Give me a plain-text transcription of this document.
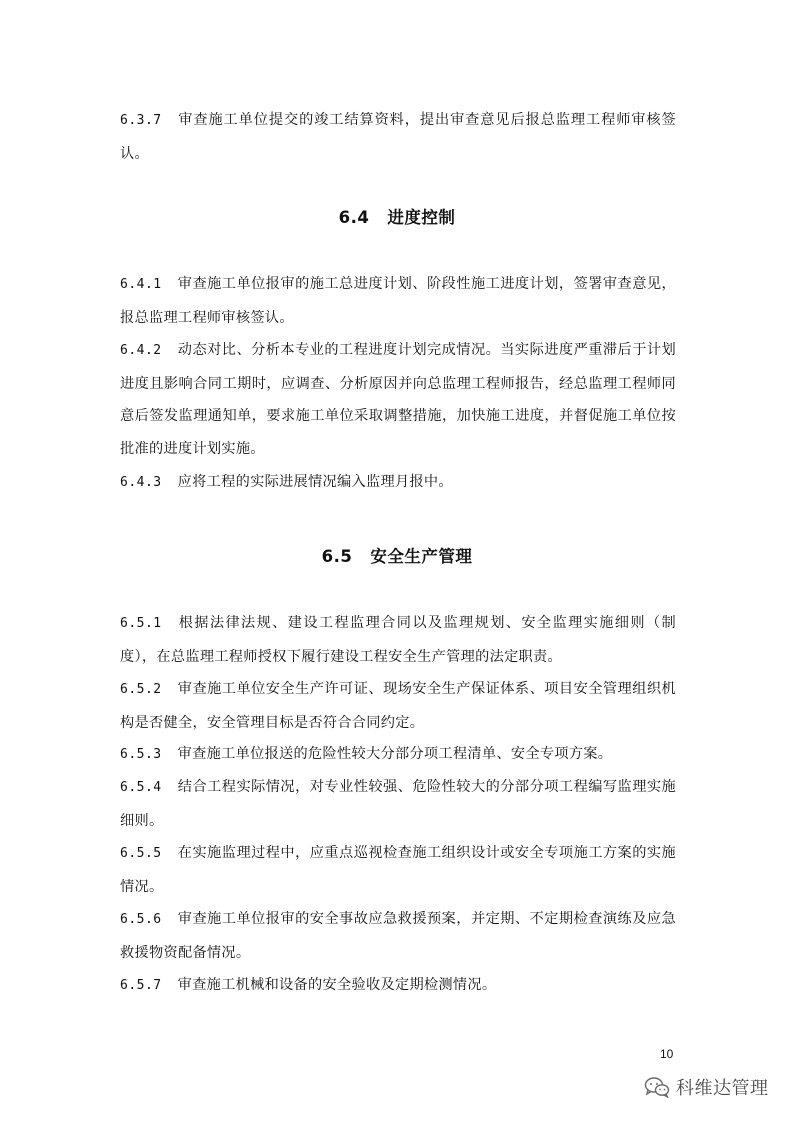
6.3.7 审查施工单位提交的竣工结算资料，提出审查意见后报总监理工程师审核签认。

6.4 进度控制

6.4.1 审查施工单位报审的施工总进度计划、阶段性施工进度计划，签署审查意见，报总监理工程师审核签认。

6.4.2 动态对比、分析本专业的工程进度计划完成情况。当实际进度严重滞后于计划进度且影响合同工期时，应调查、分析原因并向总监理工程师报告，经总监理工程师同意后签发监理通知单，要求施工单位采取调整措施，加快施工进度，并督促施工单位按批准的进度计划实施。

6.4.3 应将工程的实际进展情况编入监理月报中。

6.5 安全生产管理

6.5.1 根据法律法规、建设工程监理合同以及监理规划、安全监理实施细则（制度），在总监理工程师授权下履行建设工程安全生产管理的法定职责。

6.5.2 审查施工单位安全生产许可证、现场安全生产保证体系、项目安全管理组织机构是否健全，安全管理目标是否符合合同约定。

6.5.3 审查施工单位报送的危险性较大分部分项工程清单、安全专项方案。

6.5.4 结合工程实际情况，对专业性较强、危险性较大的分部分项工程编写监理实施细则。

6.5.5 在实施监理过程中，应重点巡视检查施工组织设计或安全专项施工方案的实施情况。

6.5.6 审查施工单位报审的安全事故应急救援预案，并定期、不定期检查演练及应急救援物资配备情况。

6.5.7 审查施工机械和设备的安全验收及定期检测情况。

10
科维达管理
